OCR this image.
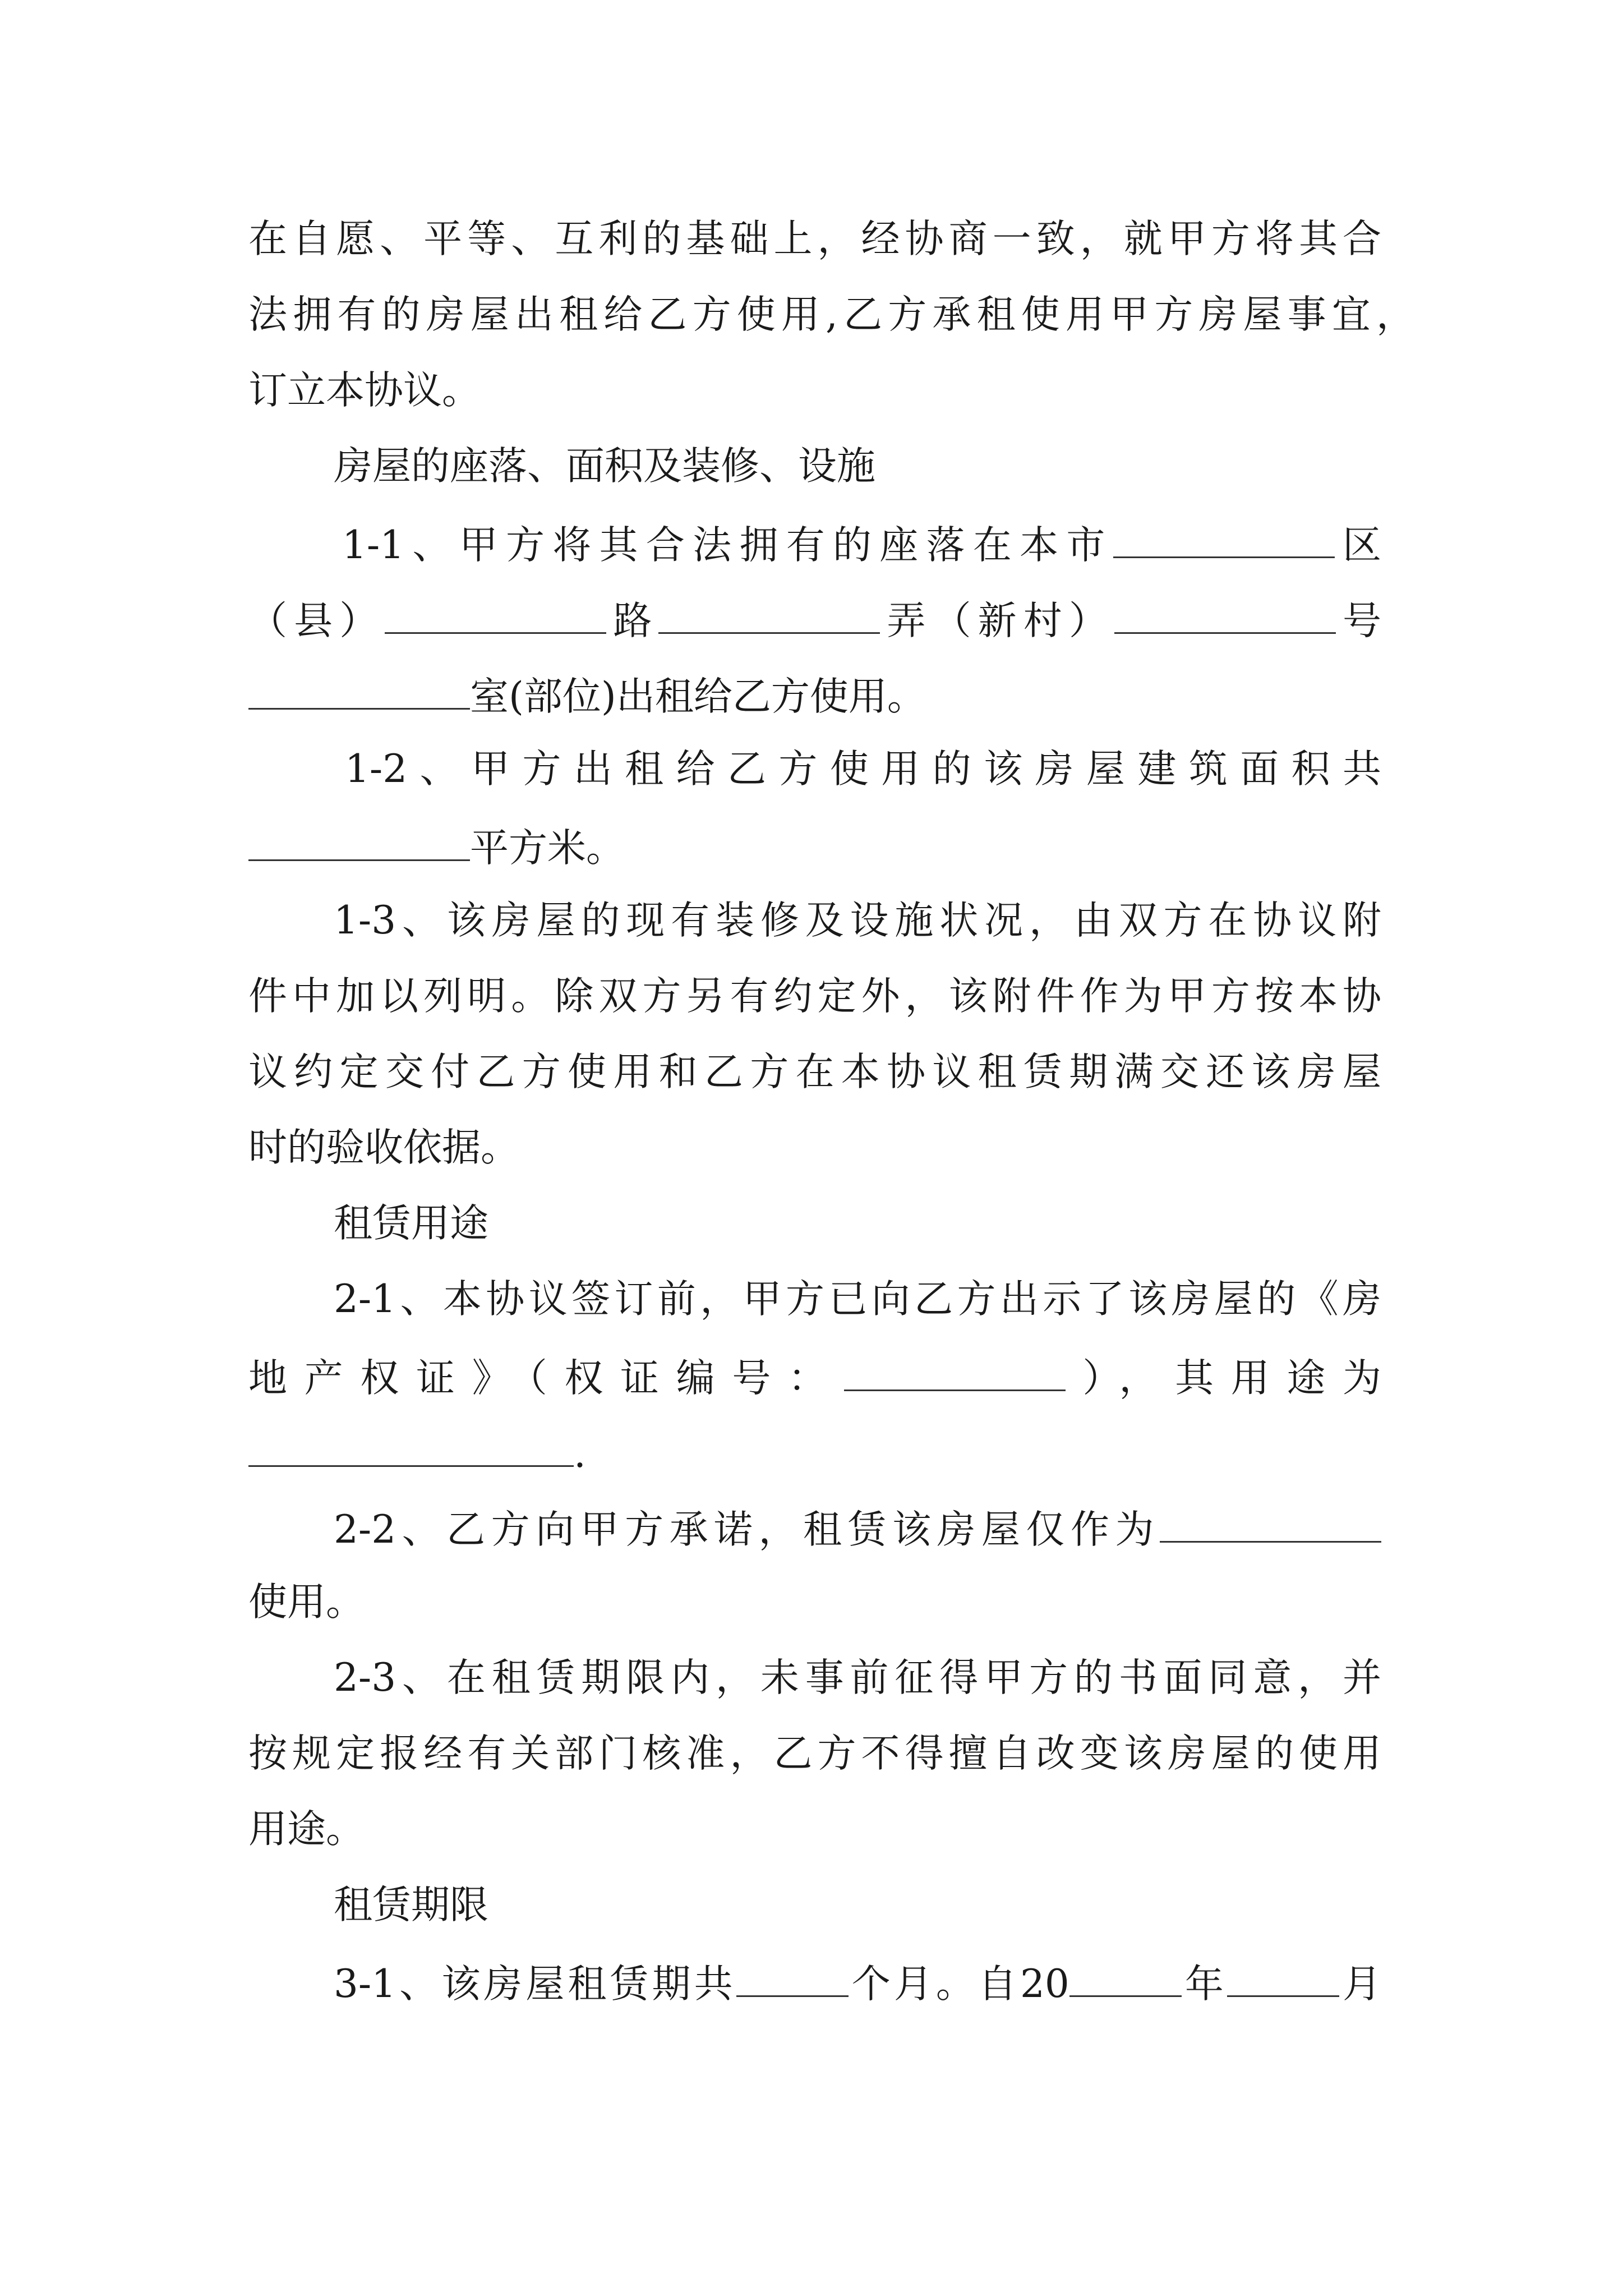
在自愿、平等、互利的基础上，经协商一致，就甲方将其合

法拥有的房屋出租给乙方使用,乙方承租使用甲方房屋事宜，

订立本协议。

房屋的座落、面积及装修、设施

1-1、甲方将其合法拥有的座落在本市	区

（县）	路	弄（新村）	号

室(部位)出租给乙方使用。

1-2、甲方出租给乙方使用的该房屋建筑面积共

平方米。

1-3、该房屋的现有装修及设施状况，由双方在协议附

件中加以列明。除双方另有约定外，该附件作为甲方按本协

议约定交付乙方使用和乙方在本协议租赁期满交还该房屋

时的验收依据。

租赁用途

2-1、本协议签订前，甲方已向乙方出示了该房屋的《房

地产权证》（权证编号：	），其用途为

.

2-2、乙方向甲方承诺，租赁该房屋仅作为

使用。

2-3、在租赁期限内，未事前征得甲方的书面同意，并

按规定报经有关部门核准，乙方不得擅自改变该房屋的使用

用途。

租赁期限

3-1、该房屋租赁期共	个月。自20	年	月
